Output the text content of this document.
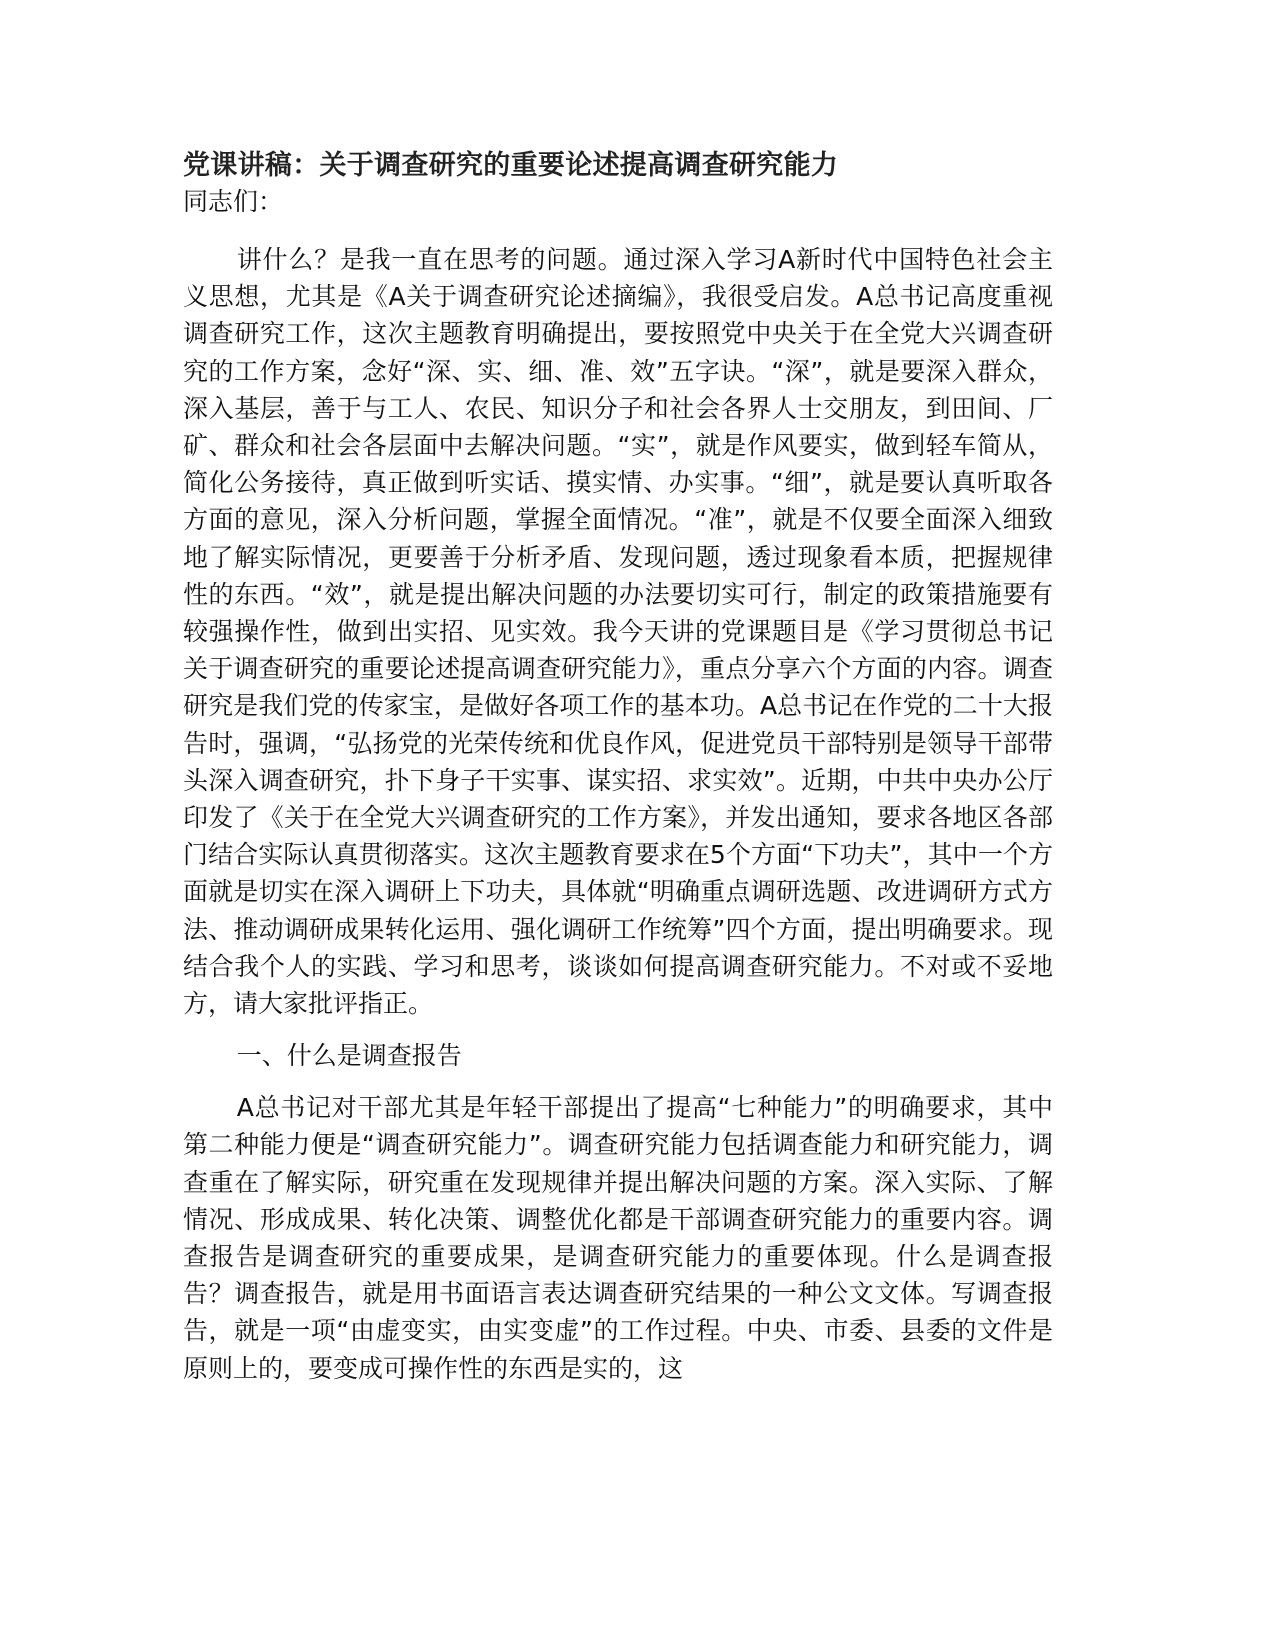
党课讲稿：关于调查研究的重要论述提高调查研究能力

同志们：

讲什么？是我一直在思考的问题。通过深入学习A新时代中国特色社会主义思想，尤其是《A关于调查研究论述摘编》，我很受启发。A总书记高度重视调查研究工作，这次主题教育明确提出，要按照党中央关于在全党大兴调查研究的工作方案，念好“深、实、细、准、效”五字诀。“深”，就是要深入群众，深入基层，善于与工人、农民、知识分子和社会各界人士交朋友，到田间、厂矿、群众和社会各层面中去解决问题。“实”，就是作风要实，做到轻车简从，简化公务接待，真正做到听实话、摸实情、办实事。“细”，就是要认真听取各方面的意见，深入分析问题，掌握全面情况。“准”，就是不仅要全面深入细致地了解实际情况，更要善于分析矛盾、发现问题，透过现象看本质，把握规律性的东西。“效”，就是提出解决问题的办法要切实可行，制定的政策措施要有较强操作性，做到出实招、见实效。我今天讲的党课题目是《学习贯彻总书记关于调查研究的重要论述提高调查研究能力》，重点分享六个方面的内容。调查研究是我们党的传家宝，是做好各项工作的基本功。A总书记在作党的二十大报告时，强调，“弘扬党的光荣传统和优良作风，促进党员干部特别是领导干部带头深入调查研究，扑下身子干实事、谋实招、求实效”。近期，中共中央办公厅印发了《关于在全党大兴调查研究的工作方案》，并发出通知，要求各地区各部门结合实际认真贯彻落实。这次主题教育要求在5个方面“下功夫”，其中一个方面就是切实在深入调研上下功夫，具体就“明确重点调研选题、改进调研方式方法、推动调研成果转化运用、强化调研工作统筹”四个方面，提出明确要求。现结合我个人的实践、学习和思考，谈谈如何提高调查研究能力。不对或不妥地方，请大家批评指正。

一、什么是调查报告

A总书记对干部尤其是年轻干部提出了提高“七种能力”的明确要求，其中第二种能力便是“调查研究能力”。调查研究能力包括调查能力和研究能力，调查重在了解实际，研究重在发现规律并提出解决问题的方案。深入实际、了解情况、形成成果、转化决策、调整优化都是干部调查研究能力的重要内容。调查报告是调查研究的重要成果，是调查研究能力的重要体现。什么是调查报告？调查报告，就是用书面语言表达调查研究结果的一种公文文体。写调查报告，就是一项“由虚变实，由实变虚”的工作过程。中央、市委、县委的文件是原则上的，要变成可操作性的东西是实的，这
